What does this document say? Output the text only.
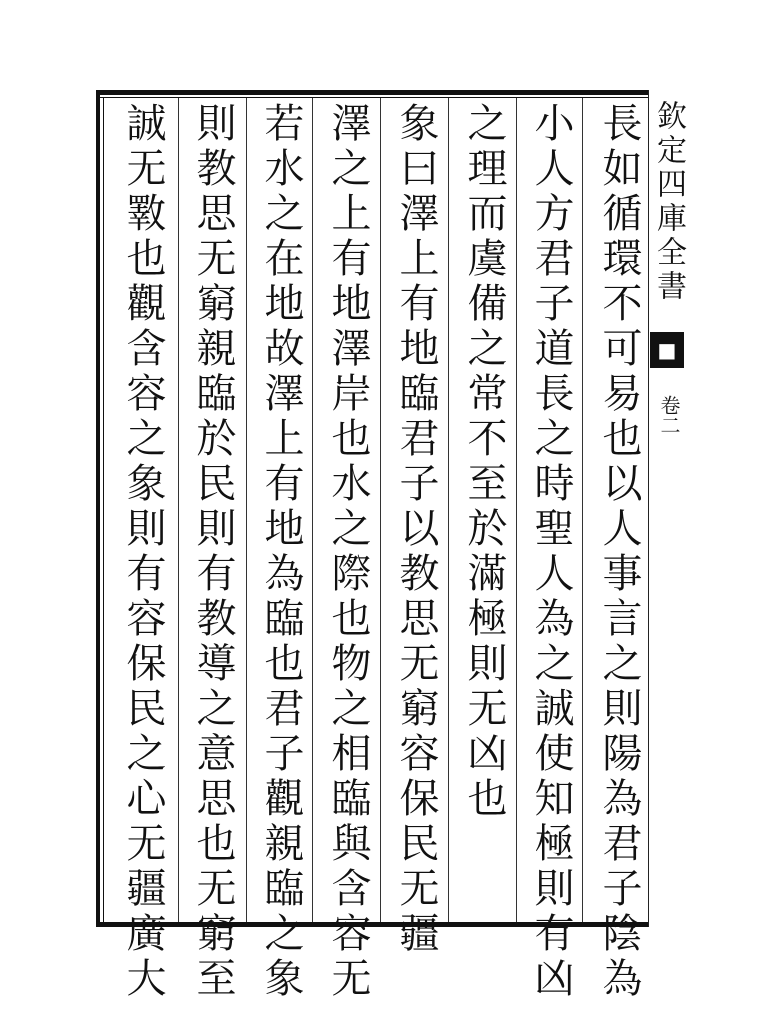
欽定四庫全書
■
卷二
長如循環不可易也以人事言之則陽為君子陰為
小人方君子道長之時聖人為之誠使知極則有凶
之理而虞備之常不至於滿極則无凶也
象曰澤上有地臨君子以教思无窮容保民无疆
澤之上有地澤岸也水之際也物之相臨與含容无
若水之在地故澤上有地為臨也君子觀親臨之象
則教思无窮親臨於民則有教導之意思也无窮至
誠无斁也觀含容之象則有容保民之心无疆廣大
